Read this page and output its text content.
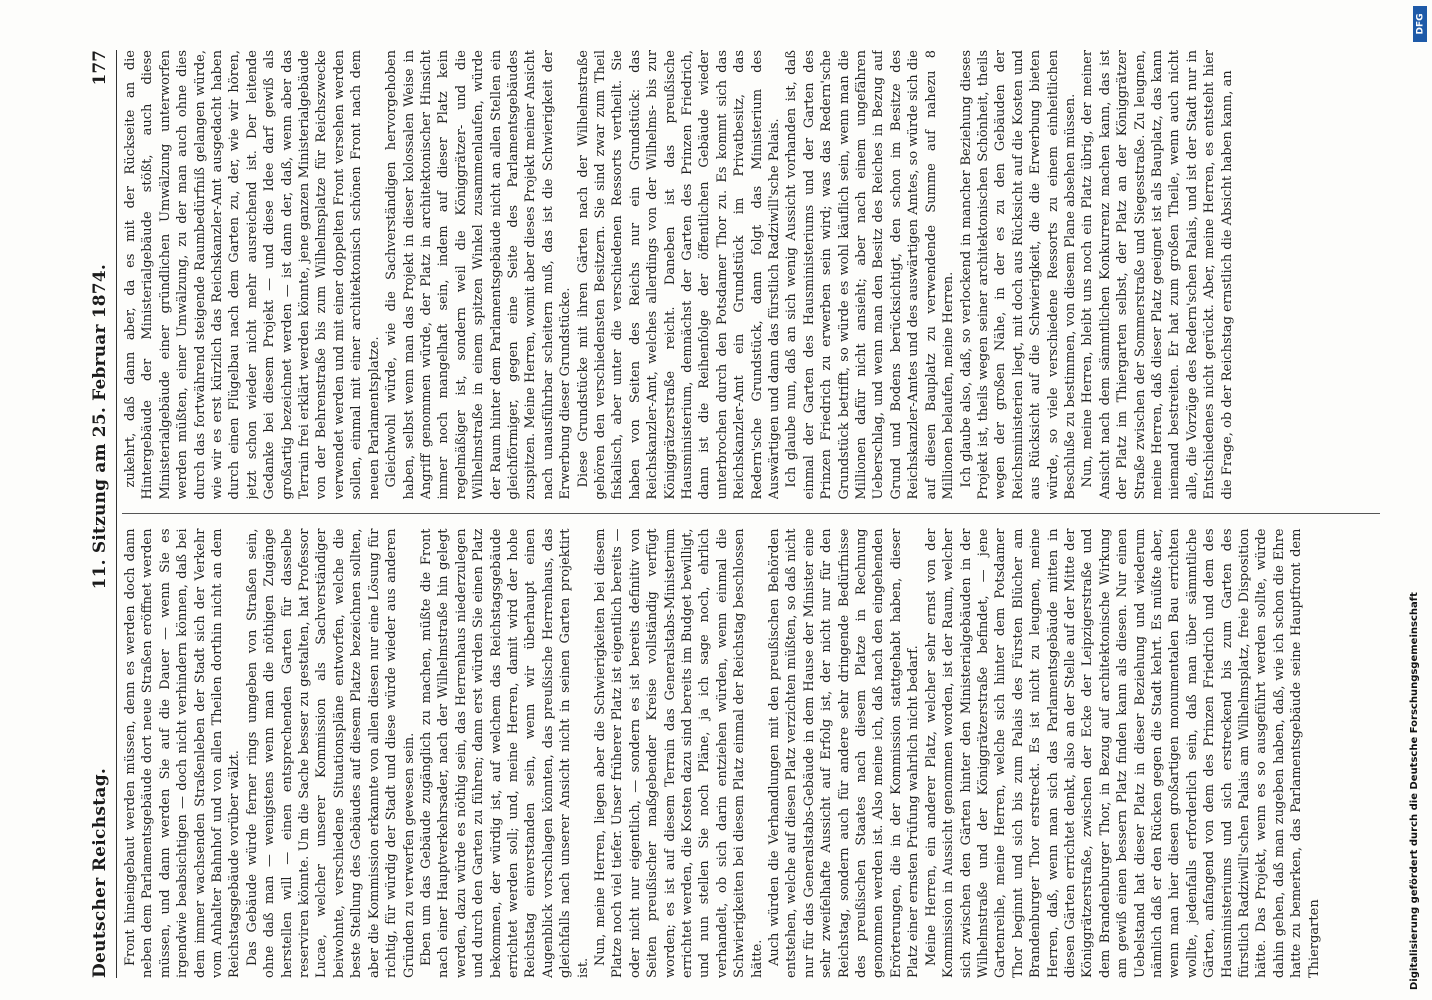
Deutscher Reichstag.
11. Sitzung am 25. Februar 1874.
177

Front hineingebaut werden müssen, denn es werden doch dann neben dem Parlamentsgebäude dort neue Straßen eröffnet werden müssen, und dann werden Sie auf die Dauer — wenn Sie es irgendwie beabsichtigen — doch nicht verhindern können, daß bei dem immer wachsenden Straßenleben der Stadt sich der Verkehr vom Anhalter Bahnhof und von allen Theilen dorthin nicht an dem Reichstagsgebäude vorüber wälzt. Das Gebäude würde ferner rings umgeben von Straßen sein, ohne daß man — wenigstens wenn man die nöthigen Zugänge herstellen will — einen entsprechenden Garten für dasselbe reserviren könnte. Um die Sache besser zu gestalten, hat Professor Lucae, welcher unserer Kommission als Sachverständiger beiwohnte, verschiedene Situationspläne entworfen, welche die beste Stellung des Gebäudes auf diesem Platze bezeichnen sollten, aber die Kommission erkannte von allen diesen nur eine Lösung für richtig, für würdig der Stadt und diese würde wieder aus anderen Gründen zu verwerfen gewesen sein. Eben um das Gebäude zugänglich zu machen, müßte die Front nach einer Hauptverkehrsader, nach der Wilhelmstraße hin gelegt werden, dazu würde es nöthig sein, das Herrenhaus niederzulegen und durch den Garten zu führen; dann erst würden Sie einen Platz bekommen, der würdig ist, auf welchem das Reichstagsgebäude errichtet werden soll; und, meine Herren, damit wird der hohe Reichstag einverstanden sein, wenn wir überhaupt einen Augenblick vorschlagen könnten, das preußische Herrenhaus, das gleichfalls nach unserer Ansicht nicht in seinen Garten projektirt ist.

Nun, meine Herren, liegen aber die Schwierigkeiten bei diesem Platze noch viel tiefer. Unser früherer Platz ist eigentlich bereits — oder nicht nur eigentlich, — sondern es ist bereits definitiv von Seiten preußischer maßgebender Kreise vollständig verfügt worden; es ist auf diesem Terrain das Generalstabs-Ministerium errichtet werden, die Kosten dazu sind bereits im Budget bewilligt, und nun stellen Sie noch Pläne, ja ich sage noch, ehrlich verhandelt, ob sich darin entziehen würden, wenn einmal die Schwierigkeiten bei diesem Platz einmal der Reichstag beschlossen hätte. Auch würden die Verhandlungen mit den preußischen Behörden entstehen, welche auf diesen Platz verzichten müßten, so daß nicht nur für das Generalstabs-Gebäude in dem Hause der Minister eine sehr zweifelhafte Aussicht auf Erfolg ist, der nicht nur für den Reichstag, sondern auch für andere sehr dringende Bedürfnisse des preußischen Staates nach diesem Platze in Rechnung genommen werden ist. Also meine ich, daß nach den eingehenden Erörterungen, die in der Kommission stattgehabt haben, dieser Platz einer ernsten Prüfung wahrlich nicht bedarf. Meine Herren, ein anderer Platz, welcher sehr ernst von der Kommission in Aussicht genommen worden, ist der Raum, welcher sich zwischen den Gärten hinter den Ministerialgebäuden in der Wilhelmstraße und der Königgrätzerstraße befindet, — jene Gartenreihe, meine Herren, welche sich hinter dem Potsdamer Thor beginnt und sich bis zum Palais des Fürsten Blücher am Brandenburger Thor erstreckt. Es ist nicht zu leugnen, meine Herren, daß, wenn man sich das Parlamentsgebäude mitten in diesen Gärten errichtet denkt, also an der Stelle auf der Mitte der Königgrätzerstraße, zwischen der Ecke der Leipzigerstraße und dem Brandenburger Thor, in Bezug auf architektonische Wirkung am gewiß einen bessern Platz finden kann als diesen. Nur einen Uebelstand hat dieser Platz in dieser Beziehung und wiederum nämlich daß er den Rücken gegen die Stadt kehrt. Es müßte aber, wenn man hier diesen großartigen monumentalen Bau errichten wollte, jedenfalls erforderlich sein, daß man über sämmtliche Gärten, anfangend von dem des Prinzen Friedrich und dem des Hausministeriums und sich erstreckend bis zum Garten des fürstlich Radziwill'schen Palais am Wilhelmsplatz, freie Disposition hätte. Das Projekt, wenn es so ausgeführt werden sollte, würde dahin gehen, daß man zugeben haben, daß, wie ich schon die Ehre hatte zu bemerken, das Parlamentsgebäude seine Hauptfront dem Thiergarten

zukehrt, daß dann aber, da es mit der Rückseite an die Hintergebäude der Ministerialgebäude stößt, auch diese Ministerialgebäude einer gründlichen Umwälzung unterworfen werden müßten, einer Umwälzung, zu der man auch ohne dies durch das fortwährend steigende Raumbedürfniß gelangen würde, wie wir es erst kürzlich das Reichskanzler-Amt ausgedacht haben durch einen Flügelbau nach dem Garten zu, der, wie wir hören, jetzt schon wieder nicht mehr ausreichend ist. Der leitende Gedanke bei diesem Projekt — und diese Idee darf gewiß als großartig bezeichnet werden — ist dann der, daß, wenn aber das Terrain frei erklärt werden könnte, jene ganzen Ministerialgebäude von der Behrenstraße bis zum Wilhelmsplatze für Reichszwecke verwendet werden und mit einer doppelten Front versehen werden sollen, einmal mit einer architektonisch schönen Front nach dem neuen Parlamentsplatze. Gleichwohl würde, wie die Sachverständigen hervorgehoben haben, selbst wenn man das Projekt in dieser kolossalen Weise in Angriff genommen würde, der Platz in architektonischer Hinsicht immer noch mangelhaft sein, indem auf dieser Platz kein regelmäßiger ist, sondern weil die Königgrätzer- und die Wilhelmstraße in einem spitzen Winkel zusammenlaufen, würde der Raum hinter dem Parlamentsgebäude nicht an allen Stellen ein gleichförmiger, gegen eine Seite des Parlamentsgebäudes zuspitzen. Meine Herren, womit aber dieses Projekt meiner Ansicht nach unausführbar scheitern muß, das ist die Schwierigkeit der Erwerbung dieser Grundstücke. Diese Grundstücke mit ihren Gärten nach der Wilhelmstraße gehören den verschiedensten Besitzern. Sie sind zwar zum Theil fiskalisch, aber unter die verschiedenen Ressorts vertheilt. Sie haben von Seiten des Reichs nur ein Grundstück: das Reichskanzler-Amt, welches allerdings von der Wilhelms- bis zur Königgrätzerstraße reicht. Daneben ist das preußische Hausministerium, demnächst der Garten des Prinzen Friedrich, dann ist die Reihenfolge der öffentlichen Gebäude wieder unterbrochen durch den Potsdamer Thor zu. Es kommt sich das Reichskanzler-Amt ein Grundstück im Privatbesitz, das Redern'sche Grundstück, dann folgt das Ministerium des Auswärtigen und dann das fürstlich Radziwill'sche Palais. Ich glaube nun, daß an sich wenig Aussicht vorhanden ist, daß einmal der Garten des Hausministeriums und der Garten des Prinzen Friedrich zu erwerben sein wird; was das Redern'sche Grundstück betrifft, so würde es wohl käuflich sein, wenn man die Millionen dafür nicht ansieht; aber nach einem ungefähren Ueberschlag, und wenn man den Besitz des Reiches in Bezug auf Grund und Bodens berücksichtigt, den schon im Besitze des Reichskanzler-Amtes und des auswärtigen Amtes, so würde sich die auf diesen Bauplatz zu verwendende Summe auf nahezu 8 Millionen belaufen, meine Herren. Ich glaube also, daß, so verlockend in mancher Beziehung dieses Projekt ist, theils wegen seiner architektonischen Schönheit, theils wegen der großen Nähe, in der es zu den Gebäuden der Reichsministerien liegt, mit doch aus Rücksicht auf die Kosten und aus Rücksicht auf die Schwierigkeit, die die Erwerbung bieten würde, so viele verschiedene Ressorts zu einem einheitlichen Beschluße zu bestimmen, von diesem Plane absehen müssen. Nun, meine Herren, bleibt uns noch ein Platz übrig, der meiner Ansicht nach dem sämmtlichen Konkurrenz machen kann, das ist der Platz im Thiergarten selbst, der Platz an der Königgrätzer Straße zwischen der Sommerstraße und Siegesstraße. Zu leugnen, meine Herren, daß dieser Platz geeignet ist als Bauplatz, das kann niemand bestreiten. Er hat zum großen Theile, wenn auch nicht alle, die Vorzüge des Redern'schen Palais, und ist der Stadt nur in Entschiedenes nicht gerückt. Aber, meine Herren, es entsteht hier die Frage, ob der Reichstag ernstlich die Absicht haben kann, an

Digitalisierung gefördert durch die Deutsche Forschungsgemeinschaft
DFG
